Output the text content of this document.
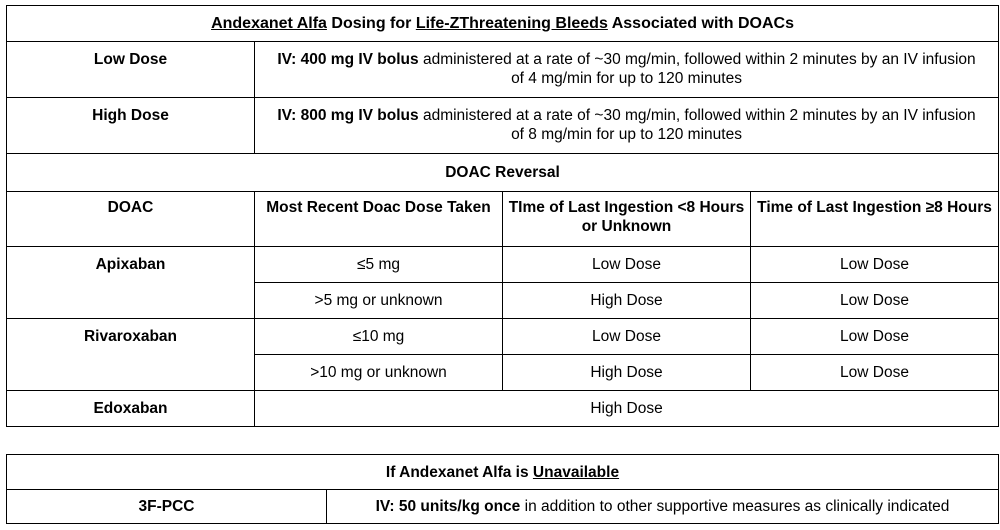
Andexanet Alfa Dosing for Life-ZThreatening Bleeds Associated with DOACs			
Low Dose	IV: 400 mg IV bolus administered at a rate of ~30 mg/min, followed within 2 minutes by an IV infusion of 4 mg/min for up to 120 minutes		
High Dose	IV: 800 mg IV bolus administered at a rate of ~30 mg/min, followed within 2 minutes by an IV infusion of 8 mg/min for up to 120 minutes		
DOAC Reversal			
DOAC	Most Recent Doac Dose Taken	TIme of Last Ingestion <8 Hours or Unknown	Time of Last Ingestion ≥8 Hours
Apixaban	≤5 mg	Low Dose	Low Dose
	>5 mg or unknown	High Dose	Low Dose
Rivaroxaban	≤10 mg	Low Dose	Low Dose
	>10 mg or unknown	High Dose	Low Dose
Edoxaban	High Dose		
If Andexanet Alfa is Unavailable
3F-PCC	IV: 50 units/kg once in addition to other supportive measures as clinically indicated
